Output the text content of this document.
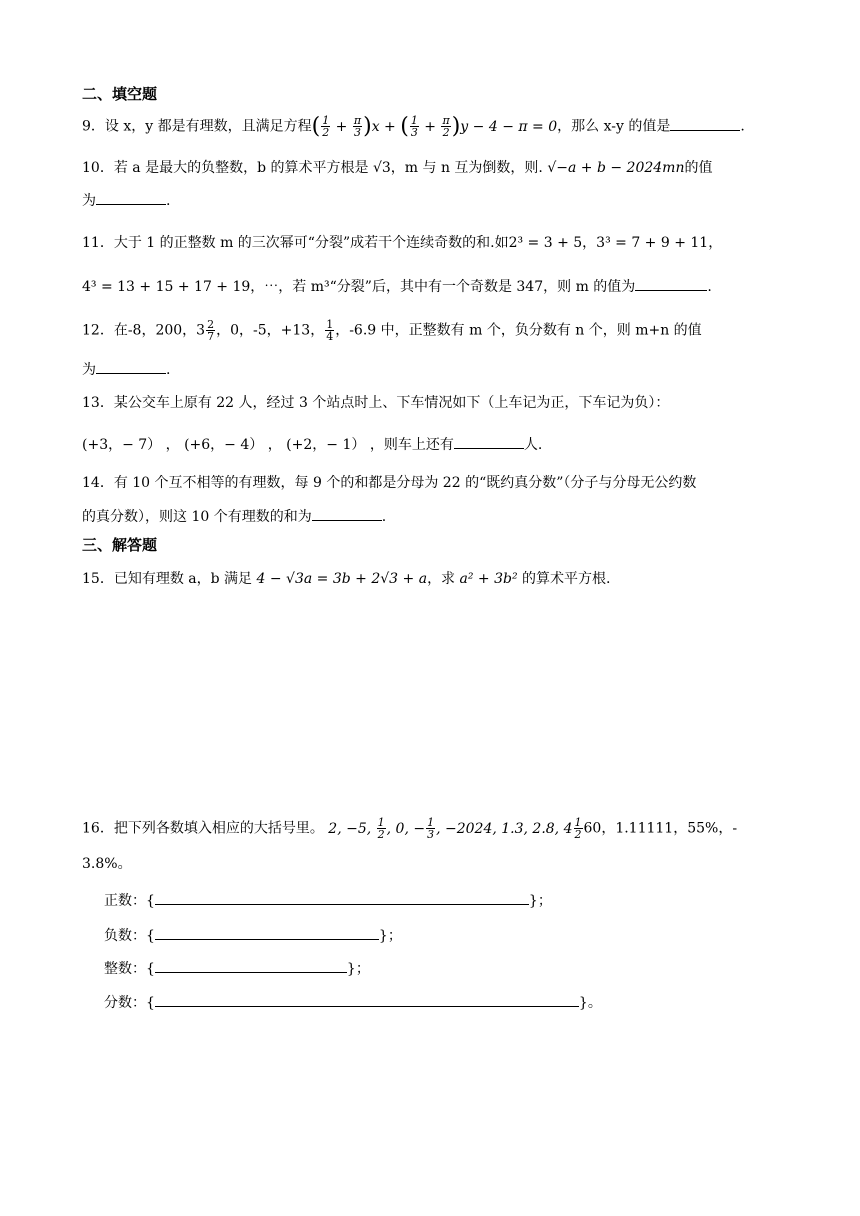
二、填空题
9．设 x，y 都是有理数，且满足方程( $\frac{1}{2} + \frac{\pi}{3} )x$ + ( $\frac{1}{3} + \frac{\pi}{2} )y - 4 - \pi = 0$，那么 x-y 的值是	.
10．若 a 是最大的负整数，b 的算术平方根是 √3，m 与 n 互为倒数，则. √−a + b − 2024mn的值
为	.
11．大于 1 的正整数 m 的三次幂可“分裂”成若干个连续奇数的和.如2³ = 3 + 5，3³ = 7 + 9 + 11，
4³ = 13 + 15 + 17 + 19，⋯，若 m³“分裂”后，其中有一个奇数是 347，则 m 的值为	.
12．在-8，200，$3 \frac{2}{7}$ ，0，-5，+13， $\frac{1}{4}$ ，-6.9 中，正整数有 m 个，负分数有 n 个，则 m+n 的值
为	.
13．某公交车上原有 22 人，经过 3 个站点时上、下车情况如下（上车记为正，下车记为负）：
(+3，− 7） ， (+6，− 4） ， (+2，− 1） ，则车上还有	人.
14．有 10 个互不相等的有理数，每 9 个的和都是分母为 22 的“既约真分数”（分子与分母无公约数
的真分数），则这 10 个有理数的和为	.
三、解答题
15．已知有理数 a，b 满足 4 − √3a = 3b + 2√3 + a，求 a² + 3b² 的算术平方根.
16．把下列各数填入相应的大括号里。 2, −5, $\frac{1}{2}$ , 0, − $\frac{1}{3}$ , −2024, 1.3, 2.8, $4 \frac{1}{2} 60$，1.11111，55%，-
3.8%。
正数：{	}；
负数：{	}；
整数：{	}；
分数：{	}。
